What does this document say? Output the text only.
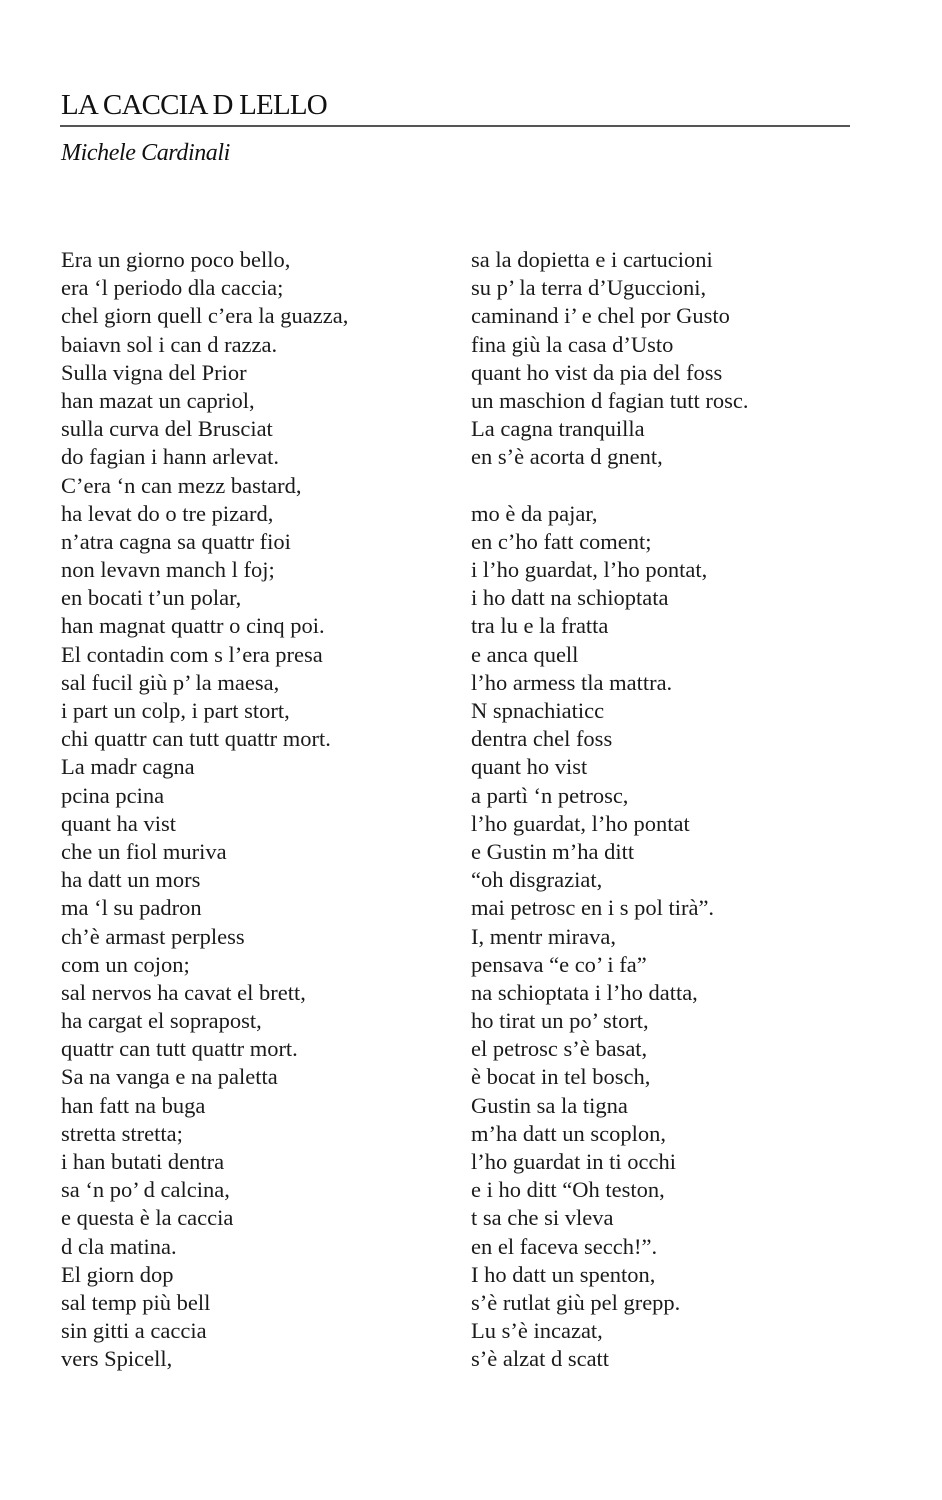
LA CACCIA D LELLO
Michele Cardinali
Era un giorno poco bello,
era ‘l periodo dla caccia;
chel giorn quell c’era la guazza,
baiavn sol i can d razza.
Sulla vigna del Prior
han mazat un capriol,
sulla curva del Brusciat
do fagian i hann arlevat.
C’era ‘n can mezz bastard,
ha levat do o tre pizard,
n’atra cagna sa quattr fioi
non levavn manch l foj;
en bocati t’un polar,
han magnat quattr o cinq poi.
El contadin com s l’era presa
sal fucil giù p’ la maesa,
i part un colp, i part stort,
chi quattr can tutt quattr mort.
La madr cagna
pcina pcina
quant ha vist
che un fiol muriva
ha datt un mors
ma ‘l su padron
ch’è armast perpless
com un cojon;
sal nervos ha cavat el brett,
ha cargat el soprapost,
quattr can tutt quattr mort.
Sa na vanga e na paletta
han fatt na buga
stretta stretta;
i han butati dentra
sa ‘n po’ d calcina,
e questa è la caccia
d cla matina.
El giorn dop
sal temp più bell
sin gitti a caccia
vers Spicell,
sa la dopietta e i cartucioni
su p’ la terra d’Uguccioni,
caminand i’ e chel por Gusto
fina giù la casa d’Usto
quant ho vist da pia del foss
un maschion d fagian tutt rosc.
La cagna tranquilla
en s’è acorta d gnent,
mo è da pajar,
en c’ho fatt coment;
i l’ho guardat, l’ho pontat,
i ho datt na schioptata
tra lu e la fratta
e anca quell
l’ho armess tla mattra.
N spnachiaticc
dentra chel foss
quant ho vist
a partì ‘n petrosc,
l’ho guardat, l’ho pontat
e Gustin m’ha ditt
“oh disgraziat,
mai petrosc en i s pol tirà”.
I, mentr mirava,
pensava “e co’ i fa”
na schioptata i l’ho datta,
ho tirat un po’ stort,
el petrosc s’è basat,
è bocat in tel bosch,
Gustin sa la tigna
m’ha datt un scoplon,
l’ho guardat in ti occhi
e i ho ditt “Oh teston,
t sa che si vleva
en el faceva secch!”.
I ho datt un spenton,
s’è rutlat giù pel grepp.
Lu s’è incazat,
s’è alzat d scatt
